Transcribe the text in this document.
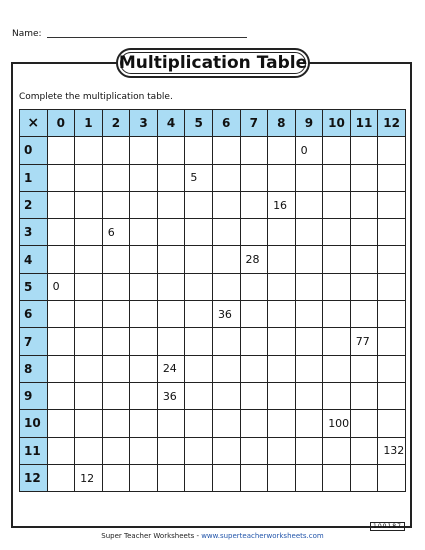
Name:
Multiplication Table
Complete the multiplication table.
×	0	1	2	3	4	5	6	7	8	9	10	11	12
0										0			
1						5							
2									16				
3			6										
4								28					
5	0												
6							36						
7												77	
8					24								
9					36								
10											100		
11													132
12		12											
Super Teacher Worksheets - www.superteacherworksheets.com
100187
